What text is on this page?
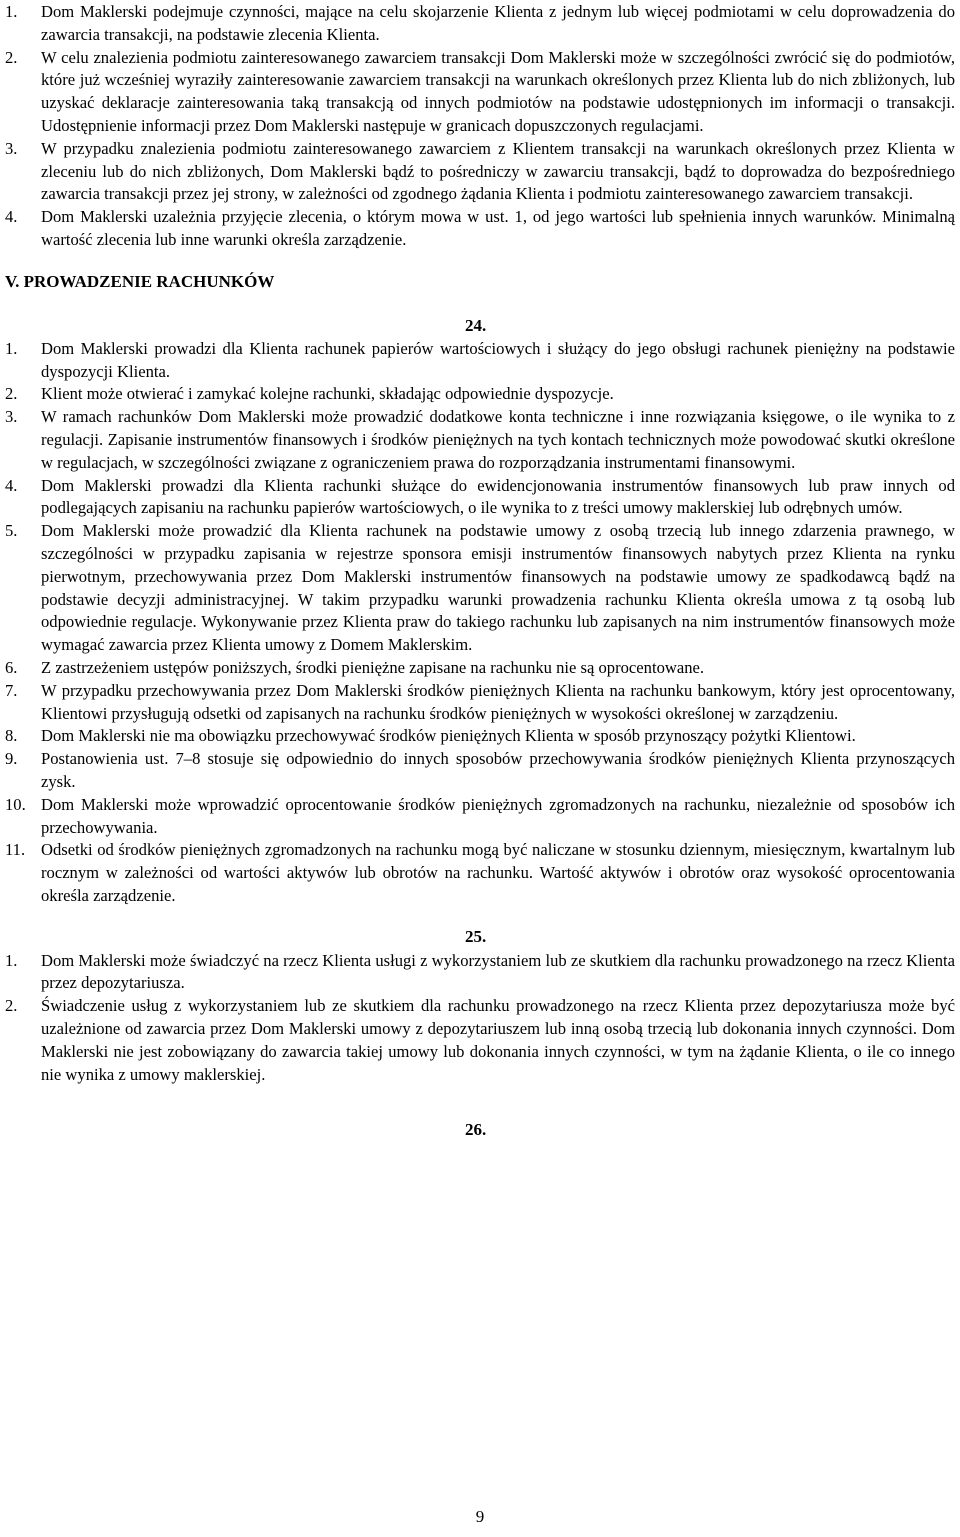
1.	Dom Maklerski podejmuje czynności, mające na celu skojarzenie Klienta z jednym lub więcej podmiotami w celu doprowadzenia do zawarcia transakcji, na podstawie zlecenia Klienta.
2.	W celu znalezienia podmiotu zainteresowanego zawarciem transakcji Dom Maklerski może w szczególności zwrócić się do podmiotów, które już wcześniej wyraziły zainteresowanie zawarciem transakcji na warunkach określonych przez Klienta lub do nich zbliżonych, lub uzyskać deklaracje zainteresowania taką transakcją od innych podmiotów na podstawie udostępnionych im informacji o transakcji. Udostępnienie informacji przez Dom Maklerski następuje w granicach dopuszczonych regulacjami.
3.	W przypadku znalezienia podmiotu zainteresowanego zawarciem z Klientem transakcji na warunkach określonych przez Klienta w zleceniu lub do nich zbliżonych, Dom Maklerski bądź to pośredniczy w zawarciu transakcji, bądź to doprowadza do bezpośredniego zawarcia transakcji przez jej strony, w zależności od zgodnego żądania Klienta i podmiotu zainteresowanego zawarciem transakcji.
4.	Dom Maklerski uzależnia przyjęcie zlecenia, o którym mowa w ust. 1, od jego wartości lub spełnienia innych warunków. Minimalną wartość zlecenia lub inne warunki określa zarządzenie.
V. PROWADZENIE RACHUNKÓW
24.
1.	Dom Maklerski prowadzi dla Klienta rachunek papierów wartościowych i służący do jego obsługi rachunek pieniężny na podstawie dyspozycji Klienta.
2.	Klient może otwierać i zamykać kolejne rachunki, składając odpowiednie dyspozycje.
3.	W ramach rachunków Dom Maklerski może prowadzić dodatkowe konta techniczne i inne rozwiązania księgowe, o ile wynika to z regulacji. Zapisanie instrumentów finansowych i środków pieniężnych na tych kontach technicznych może powodować skutki określone w regulacjach, w szczególności związane z ograniczeniem prawa do rozporządzania instrumentami finansowymi.
4.	Dom Maklerski prowadzi dla Klienta rachunki służące do ewidencjonowania instrumentów finansowych lub praw innych od podlegających zapisaniu na rachunku papierów wartościowych, o ile wynika to z treści umowy maklerskiej lub odrębnych umów.
5.	Dom Maklerski może prowadzić dla Klienta rachunek na podstawie umowy z osobą trzecią lub innego zdarzenia prawnego, w szczególności w przypadku zapisania w rejestrze sponsora emisji instrumentów finansowych nabytych przez Klienta na rynku pierwotnym, przechowywania przez Dom Maklerski instrumentów finansowych na podstawie umowy ze spadkodawcą bądź na podstawie decyzji administracyjnej. W takim przypadku warunki prowadzenia rachunku Klienta określa umowa z tą osobą lub odpowiednie regulacje. Wykonywanie przez Klienta praw do takiego rachunku lub zapisanych na nim instrumentów finansowych może wymagać zawarcia przez Klienta umowy z Domem Maklerskim.
6.	Z zastrzeżeniem ustępów poniższych, środki pieniężne zapisane na rachunku nie są oprocentowane.
7.	W przypadku przechowywania przez Dom Maklerski środków pieniężnych Klienta na rachunku bankowym, który jest oprocentowany, Klientowi przysługują odsetki od zapisanych na rachunku środków pieniężnych w wysokości określonej w zarządzeniu.
8.	Dom Maklerski nie ma obowiązku przechowywać środków pieniężnych Klienta w sposób przynoszący pożytki Klientowi.
9.	Postanowienia ust. 7–8 stosuje się odpowiednio do innych sposobów przechowywania środków pieniężnych Klienta przynoszących zysk.
10. Dom Maklerski może wprowadzić oprocentowanie środków pieniężnych zgromadzonych na rachunku, niezależnie od sposobów ich przechowywania.
11. Odsetki od środków pieniężnych zgromadzonych na rachunku mogą być naliczane w stosunku dziennym, miesięcznym, kwartalnym lub rocznym w zależności od wartości aktywów lub obrotów na rachunku. Wartość aktywów i obrotów oraz wysokość oprocentowania określa zarządzenie.
25.
1.	Dom Maklerski może świadczyć na rzecz Klienta usługi z wykorzystaniem lub ze skutkiem dla rachunku prowadzonego na rzecz Klienta przez depozytariusza.
2.	Świadczenie usług z wykorzystaniem lub ze skutkiem dla rachunku prowadzonego na rzecz Klienta przez depozytariusza może być uzależnione od zawarcia przez Dom Maklerski umowy z depozytariuszem lub inną osobą trzecią lub dokonania innych czynności. Dom Maklerski nie jest zobowiązany do zawarcia takiej umowy lub dokonania innych czynności, w tym na żądanie Klienta, o ile co innego nie wynika z umowy maklerskiej.
26.
9
